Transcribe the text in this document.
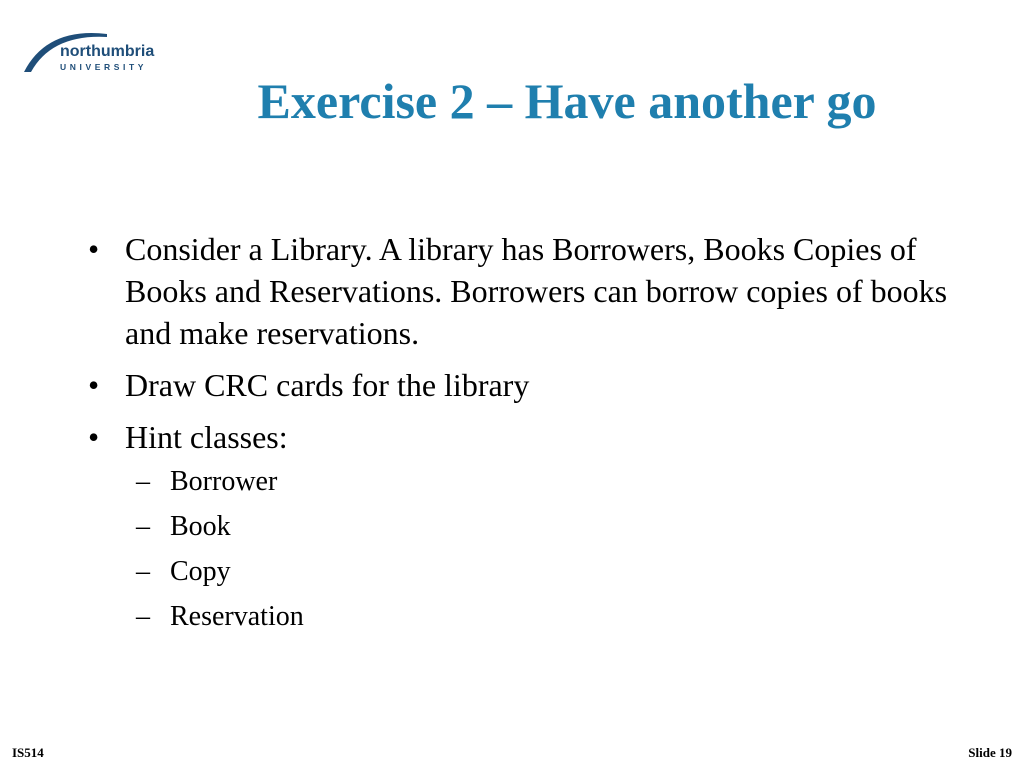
northumbria
UNIVERSITY
Exercise 2 – Have another go
• Consider a Library. A library has Borrowers, Books Copies of Books and Reservations. Borrowers can borrow copies of books and make reservations.
• Draw CRC cards for the library
• Hint classes:
– Borrower
– Book
– Copy
– Reservation
IS514	Slide 19
